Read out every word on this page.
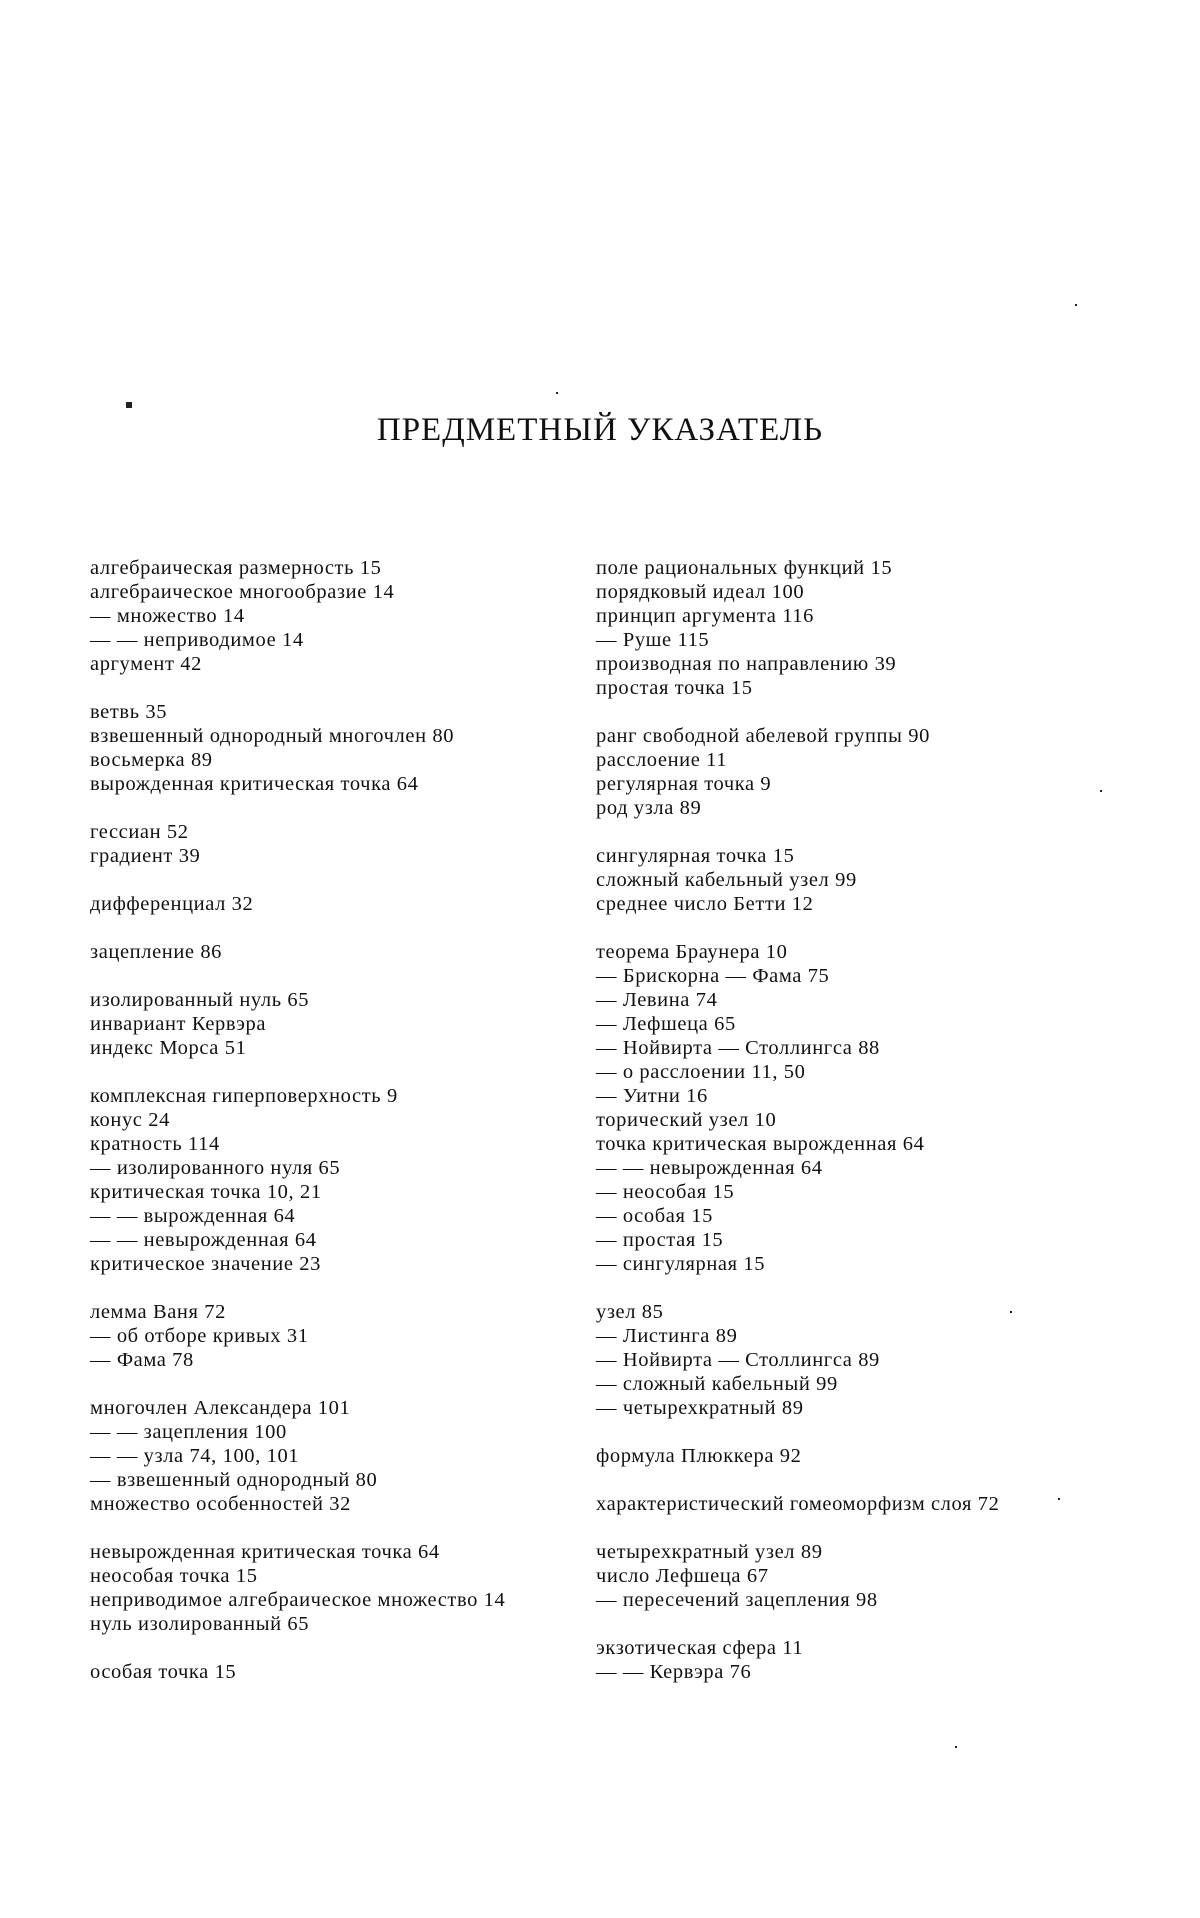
ПРЕДМЕТНЫЙ УКАЗАТЕЛЬ
алгебраическая размерность 15
алгебраическое многообразие 14
— множество 14
— — неприводимое 14
аргумент 42
ветвь 35
взвешенный однородный многочлен 80
восьмерка 89
вырожденная критическая точка 64
гессиан 52
градиент 39
дифференциал 32
зацепление 86
изолированный нуль 65
инвариант Кервэра
индекс Морса 51
комплексная гиперповерхность 9
конус 24
кратность 114
— изолированного нуля 65
критическая точка 10, 21
— — вырожденная 64
— — невырожденная 64
критическое значение 23
лемма Ваня 72
— об отборе кривых 31
— Фама 78
многочлен Александера 101
— — зацепления 100
— — узла 74, 100, 101
— взвешенный однородный 80
множество особенностей 32
невырожденная критическая точка 64
неособая точка 15
неприводимое алгебраическое множество 14
нуль изолированный 65
особая точка 15
поле рациональных функций 15
порядковый идеал 100
принцип аргумента 116
— Руше 115
производная по направлению 39
простая точка 15
ранг свободной абелевой группы 90
расслоение 11
регулярная точка 9
род узла 89
сингулярная точка 15
сложный кабельный узел 99
среднее число Бетти 12
теорема Браунера 10
— Брискорна — Фама 75
— Левина 74
— Лефшеца 65
— Нойвирта — Столлингса 88
— о расслоении 11, 50
— Уитни 16
торический узел 10
точка критическая вырожденная 64
— — невырожденная 64
— неособая 15
— особая 15
— простая 15
— сингулярная 15
узел 85
— Листинга 89
— Нойвирта — Столлингса 89
— сложный кабельный 99
— четырехкратный 89
формула Плюккера 92
характеристический гомеоморфизм слоя 72
четырехкратный узел 89
число Лефшеца 67
— пересечений зацепления 98
экзотическая сфера 11
— — Кервэра 76
